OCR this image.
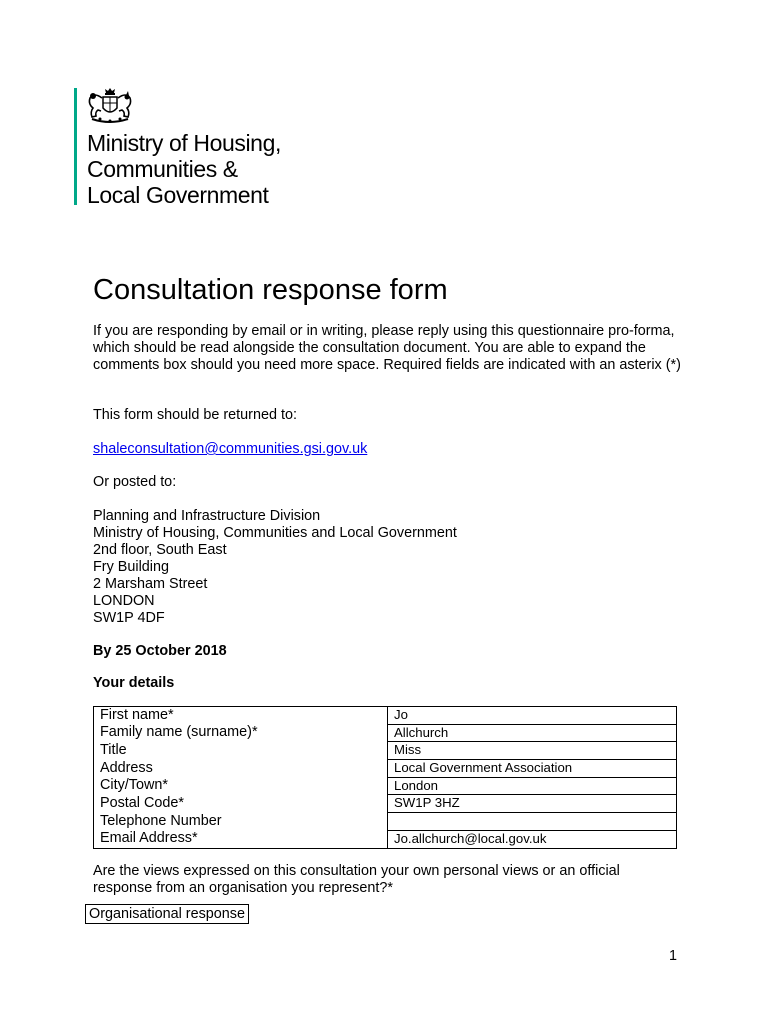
Ministry of Housing,
Communities &
Local Government
Consultation response form

If you are responding by email or in writing, please reply using this questionnaire pro-forma, which should be read alongside the consultation document. You are able to expand the comments box should you need more space. Required fields are indicated with an asterix (*)

This form should be returned to:

shaleconsultation@communities.gsi.gov.uk

Or posted to:

Planning and Infrastructure Division
Ministry of Housing, Communities and Local Government
2nd floor, South East
Fry Building
2 Marsham Street
LONDON
SW1P 4DF

By 25 October 2018

Your details

First name*	Jo
Family name (surname)*	Allchurch
Title	Miss
Address	Local Government Association
City/Town*	London
Postal Code*	SW1P 3HZ
Telephone Number	
Email Address*	Jo.allchurch@local.gov.uk

Are the views expressed on this consultation your own personal views or an official response from an organisation you represent?*

Organisational response
1
